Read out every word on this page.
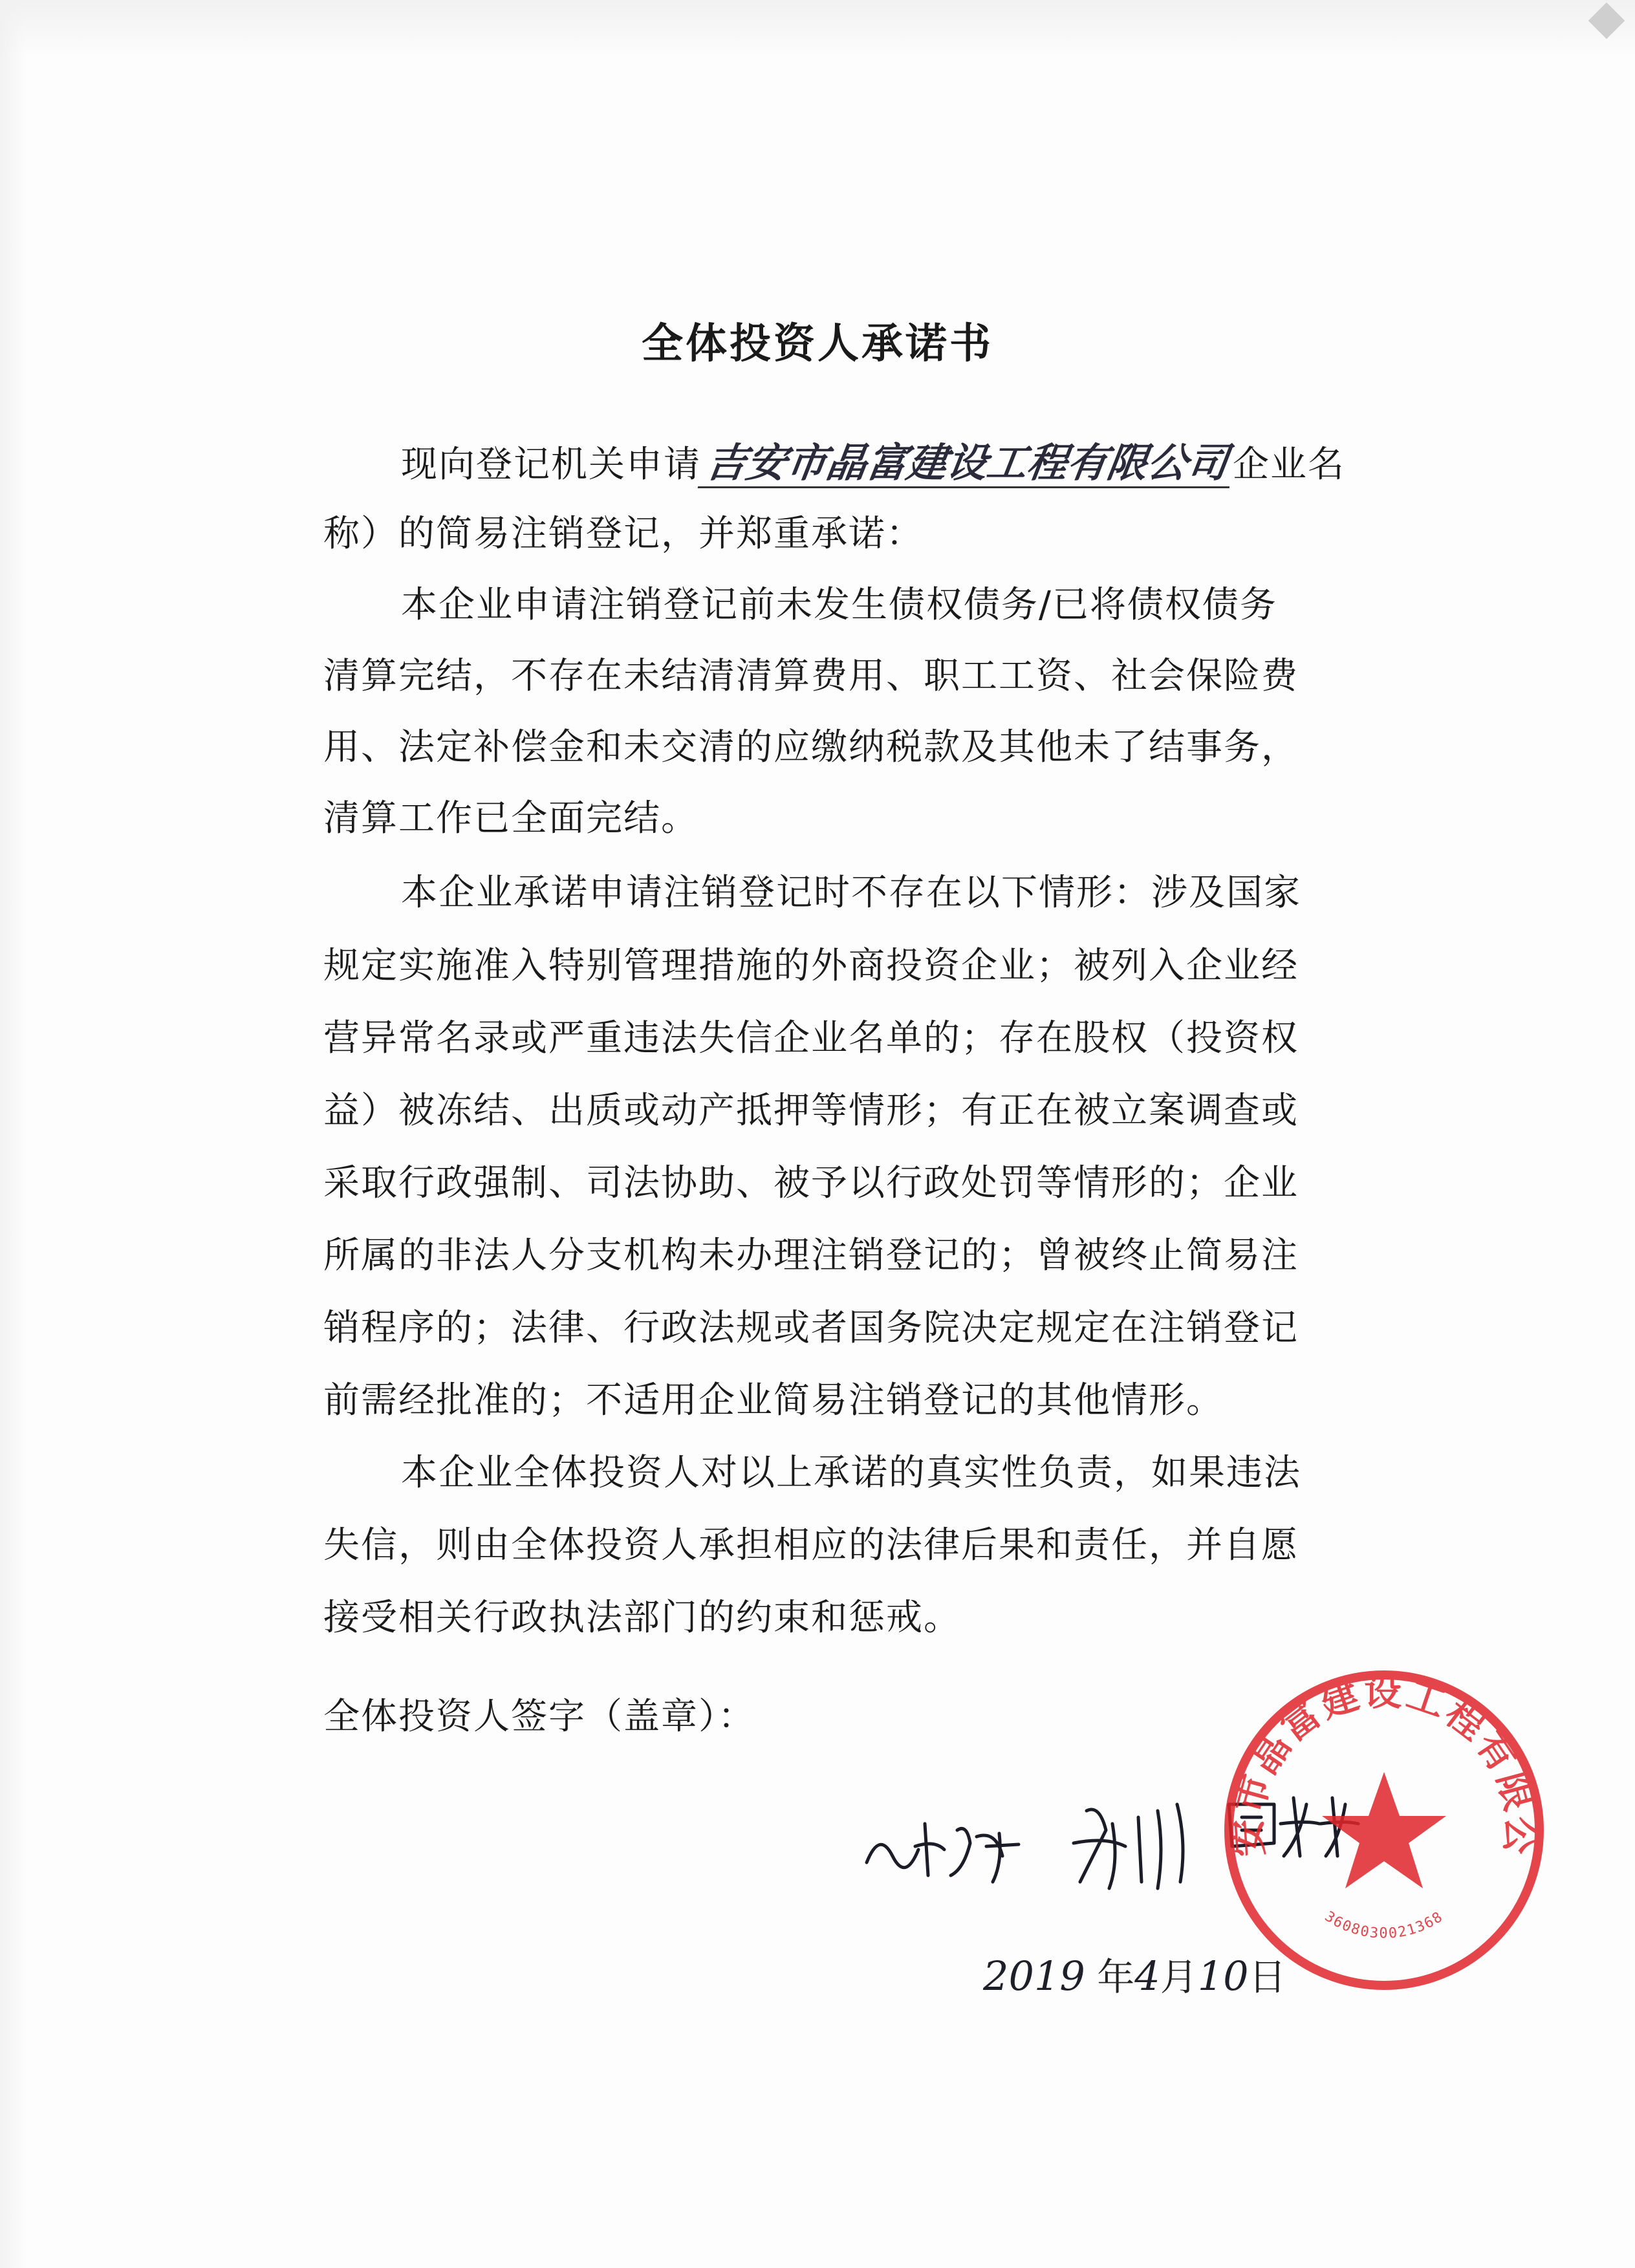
全体投资人承诺书
现向登记机关申请吉安市晶富建设工程有限公司企业名
称）的简易注销登记，并郑重承诺：
本企业申请注销登记前未发生债权债务/已将债权债务
清算完结，不存在未结清清算费用、职工工资、社会保险费
用、法定补偿金和未交清的应缴纳税款及其他未了结事务，
清算工作已全面完结。
本企业承诺申请注销登记时不存在以下情形：涉及国家
规定实施准入特别管理措施的外商投资企业；被列入企业经
营异常名录或严重违法失信企业名单的；存在股权（投资权
益）被冻结、出质或动产抵押等情形；有正在被立案调查或
采取行政强制、司法协助、被予以行政处罚等情形的；企业
所属的非法人分支机构未办理注销登记的；曾被终止简易注
销程序的；法律、行政法规或者国务院决定规定在注销登记
前需经批准的；不适用企业简易注销登记的其他情形。
本企业全体投资人对以上承诺的真实性负责，如果违法
失信，则由全体投资人承担相应的法律后果和责任，并自愿
接受相关行政执法部门的约束和惩戒。
全体投资人签字（盖章）：
2019 年4月10日
安市晶富建设工程有限公
3608030021368
